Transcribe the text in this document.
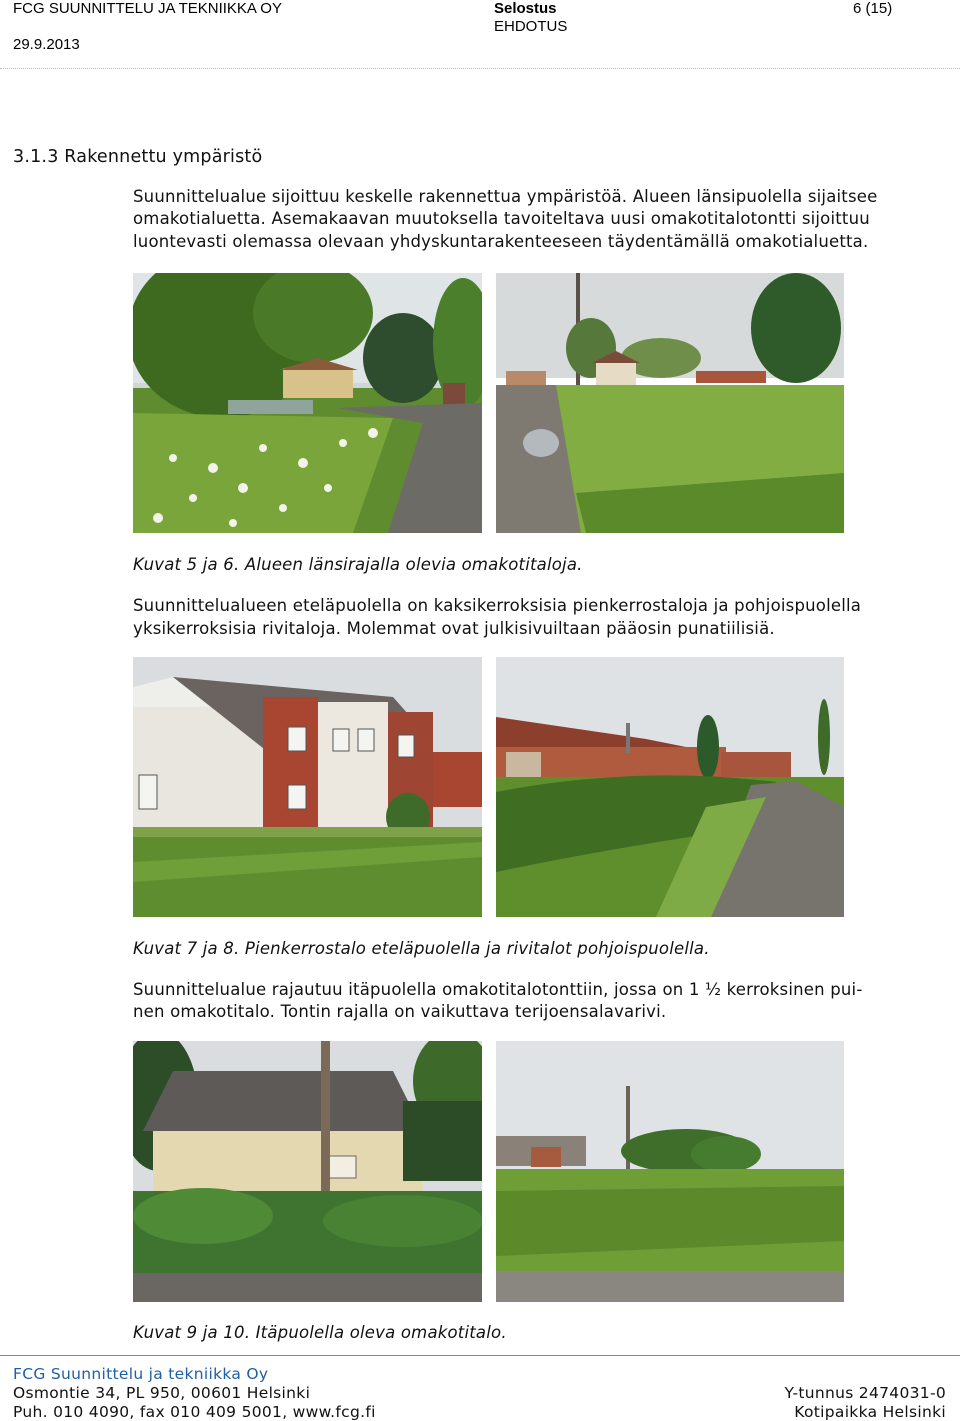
FCG SUUNNITTELU JA TEKNIIKKA OY
29.9.2013
Selostus
EHDOTUS
6 (15)
3.1.3 Rakennettu ympäristö
Suunnittelualue sijoittuu keskelle rakennettua ympäristöä. Alueen länsipuolella sijaitsee
omakotialuetta. Asemakaavan muutoksella tavoiteltava uusi omakotitalotontti sijoittuu
luontevasti olemassa olevaan yhdyskuntarakenteeseen täydentämällä omakotialuetta.
Kuvat 5 ja 6. Alueen länsirajalla olevia omakotitaloja.
Suunnittelualueen eteläpuolella on kaksikerroksisia pienkerrostaloja ja pohjoispuolella
yksikerroksisia rivitaloja. Molemmat ovat julkisivuiltaan pääosin punatiilisiä.
Kuvat 7 ja 8. Pienkerrostalo eteläpuolella ja rivitalot pohjoispuolella.
Suunnittelualue rajautuu itäpuolella omakotitalotonttiin, jossa on 1 ½ kerroksinen pui-
nen omakotitalo. Tontin rajalla on vaikuttava terijoensalavarivi.
Kuvat 9 ja 10. Itäpuolella oleva omakotitalo.
FCG Suunnittelu ja tekniikka Oy
Osmontie 34, PL 950, 00601 Helsinki
Puh. 010 4090, fax 010 409 5001, www.fcg.fi
Y-tunnus 2474031-0
Kotipaikka Helsinki
